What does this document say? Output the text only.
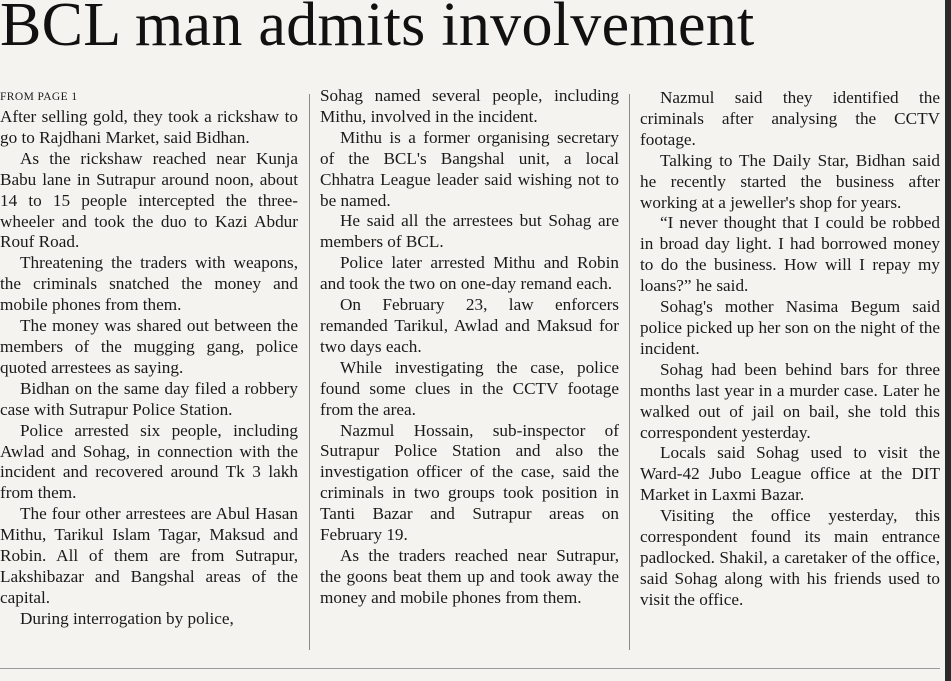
BCL man admits involvement
FROM PAGE 1

After selling gold, they took a rickshaw to go to Rajdhani Market, said Bidhan.

As the rickshaw reached near Kunja Babu lane in Sutrapur around noon, about 14 to 15 people intercepted the three-wheeler and took the duo to Kazi Abdur Rouf Road.

Threatening the traders with weapons, the criminals snatched the money and mobile phones from them.

The money was shared out between the members of the mugging gang, police quoted arrestees as saying.

Bidhan on the same day filed a robbery case with Sutrapur Police Station.

Police arrested six people, including Awlad and Sohag, in connection with the incident and recovered around Tk 3 lakh from them.

The four other arrestees are Abul Hasan Mithu, Tarikul Islam Tagar, Maksud and Robin. All of them are from Sutrapur, Lakshibazar and Bangshal areas of the capital.

During interrogation by police,

Sohag named several people, including Mithu, involved in the incident.

Mithu is a former organising secretary of the BCL's Bangshal unit, a local Chhatra League leader said wishing not to be named.

He said all the arrestees but Sohag are members of BCL.

Police later arrested Mithu and Robin and took the two on one-day remand each.

On February 23, law enforcers remanded Tarikul, Awlad and Maksud for two days each.

While investigating the case, police found some clues in the CCTV footage from the area.

Nazmul Hossain, sub-inspector of Sutrapur Police Station and also the investigation officer of the case, said the criminals in two groups took position in Tanti Bazar and Sutrapur areas on February 19.

As the traders reached near Sutrapur, the goons beat them up and took away the money and mobile phones from them.

Nazmul said they identified the criminals after analysing the CCTV footage.

Talking to The Daily Star, Bidhan said he recently started the business after working at a jeweller's shop for years.

“I never thought that I could be robbed in broad day light. I had borrowed money to do the business. How will I repay my loans?” he said.

Sohag's mother Nasima Begum said police picked up her son on the night of the incident.

Sohag had been behind bars for three months last year in a murder case. Later he walked out of jail on bail, she told this correspondent yesterday.

Locals said Sohag used to visit the Ward-42 Jubo League office at the DIT Market in Laxmi Bazar.

Visiting the office yesterday, this correspondent found its main entrance padlocked. Shakil, a caretaker of the office, said Sohag along with his friends used to visit the office.
